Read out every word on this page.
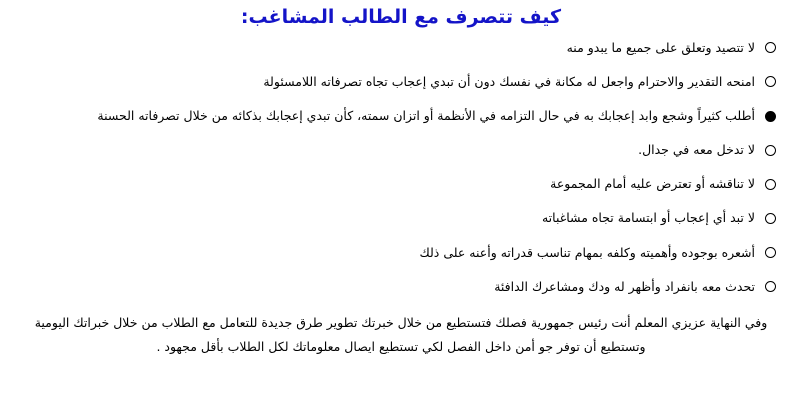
كيف تتصرف مع الطالب المشاغب:
لا تتصيد وتعلق على جميع ما يبدو منه
امنحه التقدير والاحترام واجعل له مكانة في نفسك دون أن تبدي إعجاب تجاه تصرفاته اللامسئولة
أطلب كثيراً وشجع وابد إعجابك به في حال التزامه في الأنظمة أو اتزان سمته، كأن تبدي إعجابك بذكائه من خلال تصرفاته الحسنة
لا تدخل معه في جدال.
لا تناقشه أو تعترض عليه أمام المجموعة
لا تبد أي إعجاب أو ابتسامة تجاه مشاغباته
أشعره بوجوده وأهميته وكلفه بمهام تناسب قدراته وأعنه على ذلك
تحدث معه بانفراد وأظهر له ودك ومشاعرك الدافئة

وفي النهاية عزيزي المعلم أنت رئيس جمهورية فصلك فتستطيع من خلال خبرتك تطوير طرق جديدة للتعامل مع الطلاب من خلال خبراتك اليومية

وتستطيع أن توفر جو أمن داخل الفصل لكي تستطيع ايصال معلوماتك لكل الطلاب بأقل مجهود .
